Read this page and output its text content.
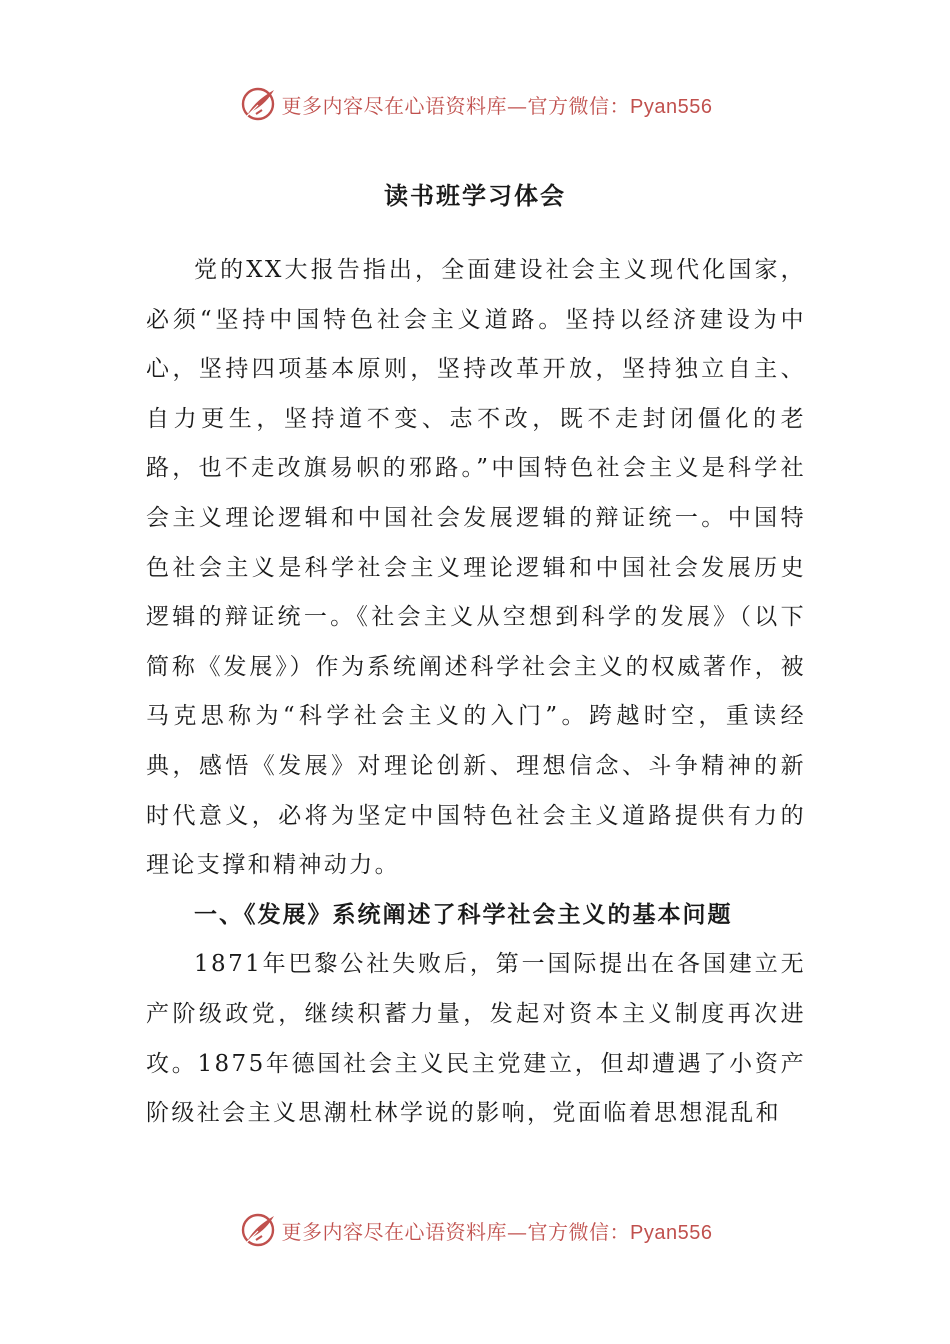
更多内容尽在心语资料库—官方微信：Pyan556
读书班学习体会

党的XX大报告指出，全面建设社会主义现代化国家，必须“坚持中国特色社会主义道路。坚持以经济建设为中心，坚持四项基本原则，坚持改革开放，坚持独立自主、自力更生，坚持道不变、志不改，既不走封闭僵化的老路，也不走改旗易帜的邪路。”中国特色社会主义是科学社会主义理论逻辑和中国社会发展逻辑的辩证统一。中国特色社会主义是科学社会主义理论逻辑和中国社会发展历史逻辑的辩证统一。《社会主义从空想到科学的发展》（以下简称《发展》）作为系统阐述科学社会主义的权威著作，被马克思称为“科学社会主义的入门”。跨越时空，重读经典，感悟《发展》对理论创新、理想信念、斗争精神的新时代意义，必将为坚定中国特色社会主义道路提供有力的理论支撑和精神动力。

一、《发展》系统阐述了科学社会主义的基本问题

1871年巴黎公社失败后，第一国际提出在各国建立无产阶级政党，继续积蓄力量，发起对资本主义制度再次进攻。1875年德国社会主义民主党建立，但却遭遇了小资产阶级社会主义思潮杜林学说的影响，党面临着思想混乱和

更多内容尽在心语资料库—官方微信：Pyan556
